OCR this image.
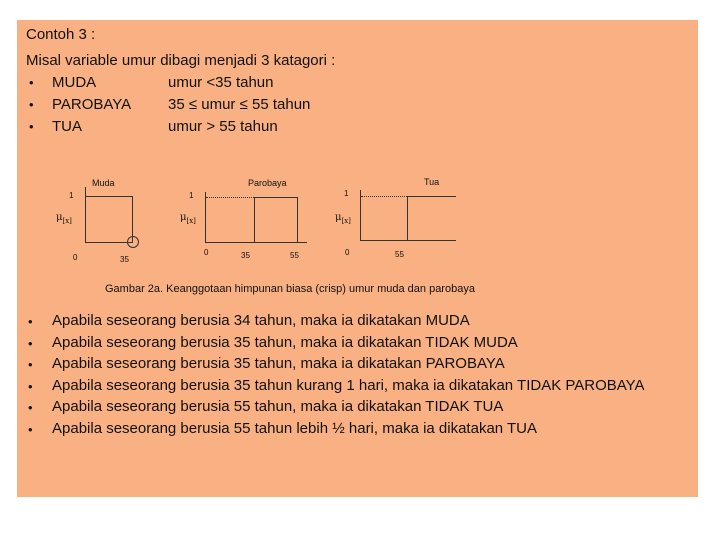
Contoh 3 :
Misal variable umur dibagi menjadi 3 katagori :
• MUDA	umur <35 tahun
• PAROBAYA 35 ≤ umur ≤ 55 tahun
• TUA	umur > 55 tahun
Muda
1
$\mu_{[x]}$
0	35
Parobaya
1
$\mu_{[x]}$
0	35	55
Tua
1
$\mu_{[x]}$
0	55
Gambar 2a. Keanggotaan himpunan biasa (crisp) umur muda dan parobaya
• Apabila seseorang berusia 34 tahun, maka ia dikatakan MUDA
• Apabila seseorang berusia 35 tahun, maka ia dikatakan TIDAK MUDA
• Apabila seseorang berusia 35 tahun, maka ia dikatakan PAROBAYA
• Apabila seseorang berusia 35 tahun kurang 1 hari, maka ia dikatakan TIDAK PAROBAYA
• Apabila seseorang berusia 55 tahun, maka ia dikatakan TIDAK TUA
• Apabila seseorang berusia 55 tahun lebih ½ hari, maka ia dikatakan TUA
